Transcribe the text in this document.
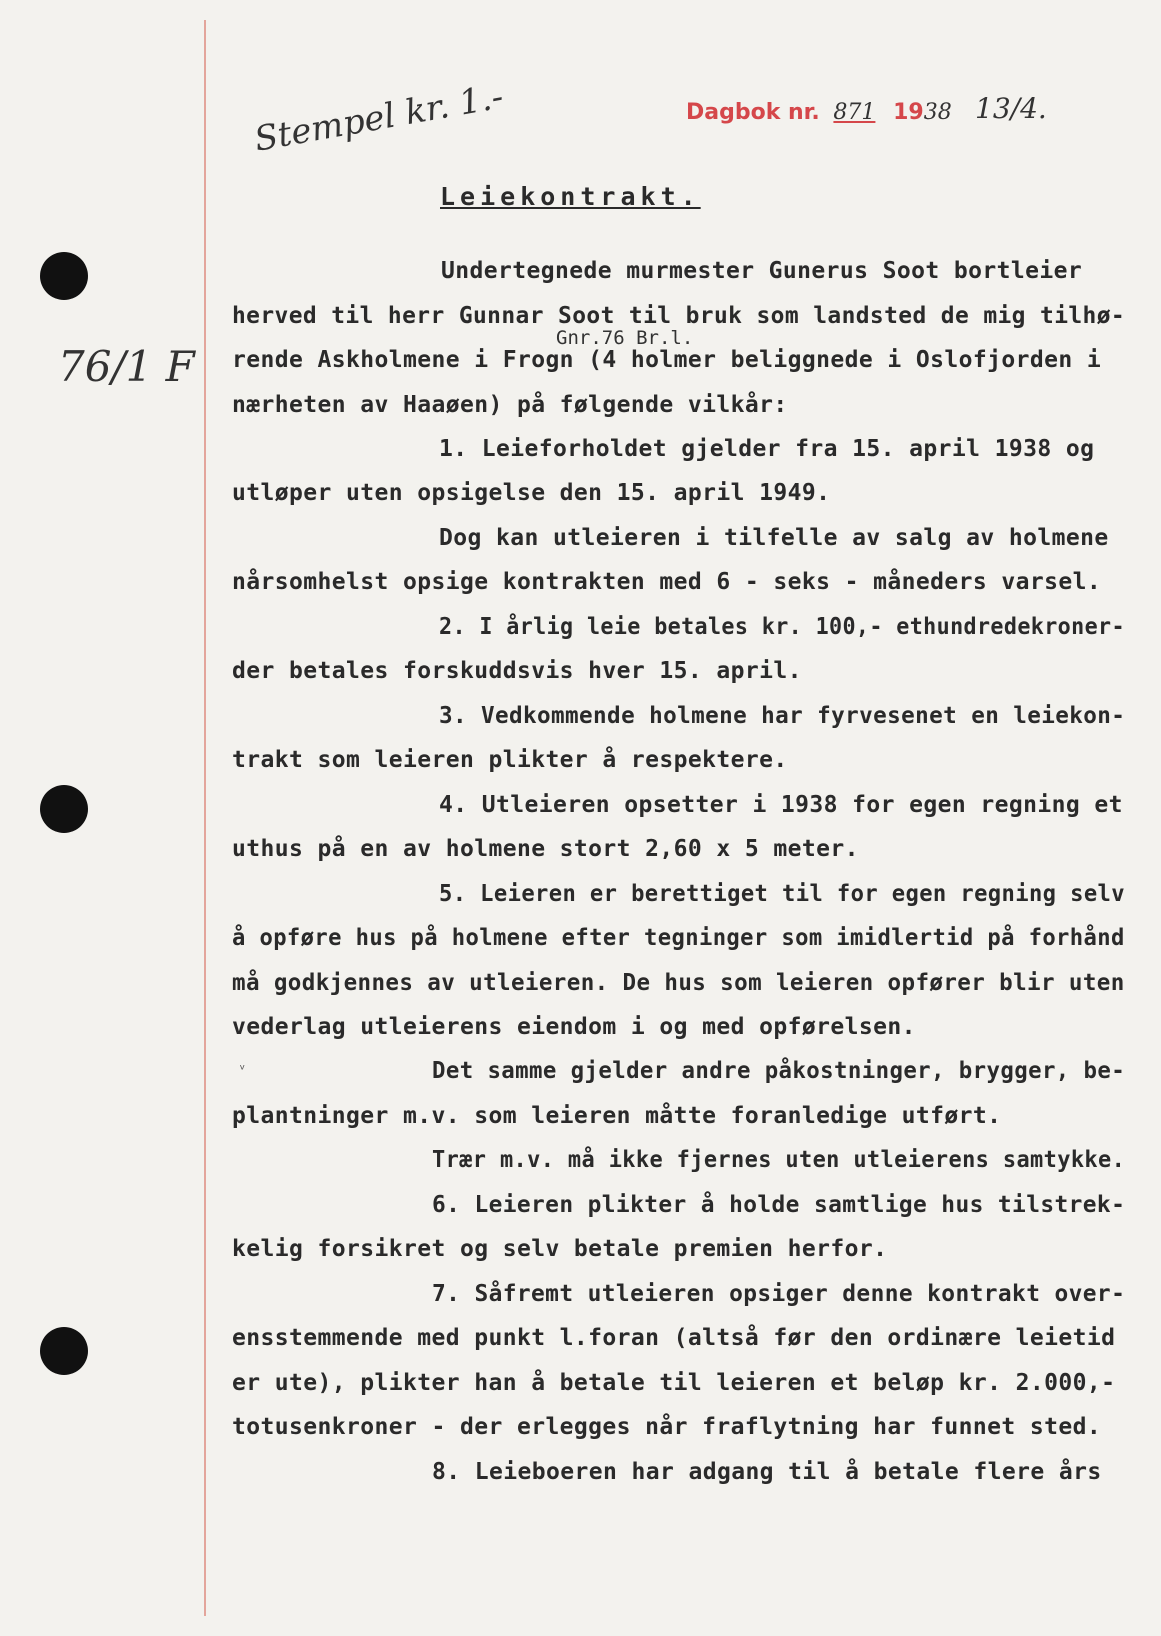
Stempel kr. 1.-
76/1 F
Dagbok nr. 871 1938 13/4.
Leiekontrakt.
Gnr.76 Br.l.
ᵛ
Undertegnede murmester Gunerus Soot bortleier
herved til herr Gunnar Soot til bruk som landsted de mig tilhø-
rende Askholmene i Frogn (4 holmer beliggnede i Oslofjorden i
nærheten av Haaøen) på følgende vilkår:
1. Leieforholdet gjelder fra 15. april 1938 og
utløper uten opsigelse den 15. april 1949.
Dog kan utleieren i tilfelle av salg av holmene
nårsomhelst opsige kontrakten med 6 - seks - måneders varsel.
2. I årlig leie betales kr. 100,- ethundredekroner-
der betales forskuddsvis hver 15. april.
3. Vedkommende holmene har fyrvesenet en leiekon-
trakt som leieren plikter å respektere.
4. Utleieren opsetter i 1938 for egen regning et
uthus på en av holmene stort 2,60 x 5 meter.
5. Leieren er berettiget til for egen regning selv
å opføre hus på holmene efter tegninger som imidlertid på forhånd
må godkjennes av utleieren. De hus som leieren opfører blir uten
vederlag utleierens eiendom i og med opførelsen.
Det samme gjelder andre påkostninger, brygger, be-
plantninger m.v. som leieren måtte foranledige utført.
Trær m.v. må ikke fjernes uten utleierens samtykke.
6. Leieren plikter å holde samtlige hus tilstrek-
kelig forsikret og selv betale premien herfor.
7. Såfremt utleieren opsiger denne kontrakt over-
ensstemmende med punkt l.foran (altså før den ordinære leietid
er ute), plikter han å betale til leieren et beløp kr. 2.000,-
totusenkroner - der erlegges når fraflytning har funnet sted.
8. Leieboeren har adgang til å betale flere års
